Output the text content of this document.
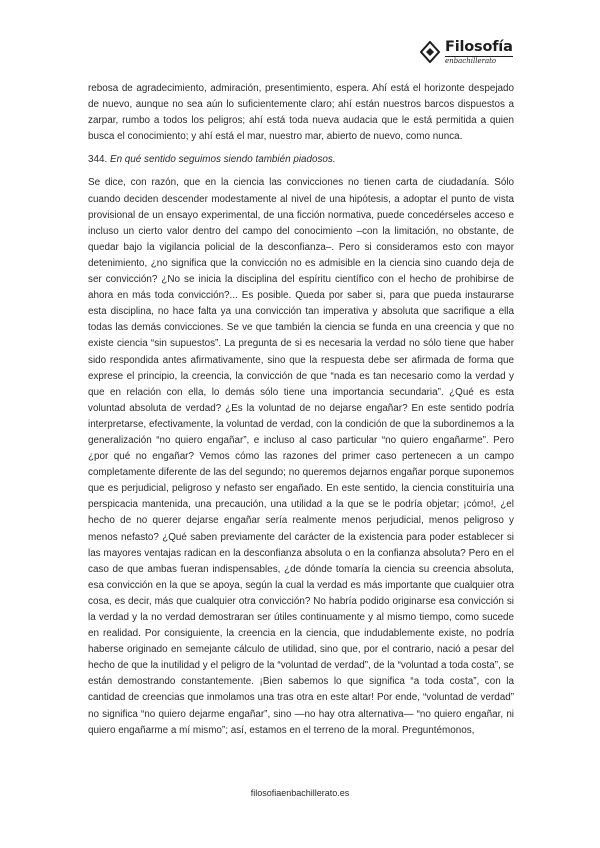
Filosofía
enbachillerato

rebosa de agradecimiento, admiración, presentimiento, espera. Ahí está el horizonte despejado de nuevo, aunque no sea aún lo suficientemente claro; ahí están nuestros barcos dispuestos a zarpar, rumbo a todos los peligros; ahí está toda nueva audacia que le está permitida a quien busca el conocimiento; y ahí está el mar, nuestro mar, abierto de nuevo, como nunca.

344. En qué sentido seguimos siendo también piadosos.

Se dice, con razón, que en la ciencia las convicciones no tienen carta de ciudadanía. Sólo cuando deciden descender modestamente al nivel de una hipótesis, a adoptar el punto de vista provisional de un ensayo experimental, de una ficción normativa, puede concedérseles acceso e incluso un cierto valor dentro del campo del conocimiento –con la limitación, no obstante, de quedar bajo la vigilancia policial de la desconfianza–. Pero si consideramos esto con mayor detenimiento, ¿no significa que la convicción no es admisible en la ciencia sino cuando deja de ser convicción? ¿No se inicia la disciplina del espíritu científico con el hecho de prohibirse de ahora en más toda convicción?... Es posible. Queda por saber si, para que pueda instaurarse esta disciplina, no hace falta ya una convicción tan imperativa y absoluta que sacrifique a ella todas las demás convicciones. Se ve que también la ciencia se funda en una creencia y que no existe ciencia “sin supuestos”. La pregunta de si es necesaria la verdad no sólo tiene que haber sido respondida antes afirmativamente, sino que la respuesta debe ser afirmada de forma que exprese el principio, la creencia, la convicción de que “nada es tan necesario como la verdad y que en relación con ella, lo demás sólo tiene una importancia secundaria”. ¿Qué es esta voluntad absoluta de verdad? ¿Es la voluntad de no dejarse engañar? En este sentido podría interpretarse, efectivamente, la voluntad de verdad, con la condición de que la subordinemos a la generalización “no quiero engañar”, e incluso al caso particular “no quiero engañarme”. Pero ¿por qué no engañar? Vemos cómo las razones del primer caso pertenecen a un campo completamente diferente de las del segundo; no queremos dejarnos engañar porque suponemos que es perjudicial, peligroso y nefasto ser engañado. En este sentido, la ciencia constituiría una perspicacia mantenida, una precaución, una utilidad a la que se le podría objetar; ¡cómo!, ¿el hecho de no querer dejarse engañar sería realmente menos perjudicial, menos peligroso y menos nefasto? ¿Qué saben previamente del carácter de la existencia para poder establecer si las mayores ventajas radican en la desconfianza absoluta o en la confianza absoluta? Pero en el caso de que ambas fueran indispensables, ¿de dónde tomaría la ciencia su creencia absoluta, esa convicción en la que se apoya, según la cual la verdad es más importante que cualquier otra cosa, es decir, más que cualquier otra convicción? No habría podido originarse esa convicción si la verdad y la no verdad demostraran ser útiles continuamente y al mismo tiempo, como sucede en realidad. Por consiguiente, la creencia en la ciencia, que indudablemente existe, no podría haberse originado en semejante cálculo de utilidad, sino que, por el contrario, nació a pesar del hecho de que la inutilidad y el peligro de la “voluntad de verdad”, de la “voluntad a toda costa”, se están demostrando constantemente. ¡Bien sabemos lo que significa “a toda costa”, con la cantidad de creencias que inmolamos una tras otra en este altar! Por ende, “voluntad de verdad” no significa “no quiero dejarme engañar”, sino —no hay otra alternativa— “no quiero engañar, ni quiero engañarme a mí mismo”; así, estamos en el terreno de la moral. Preguntémonos,

filosofiaenbachillerato.es
